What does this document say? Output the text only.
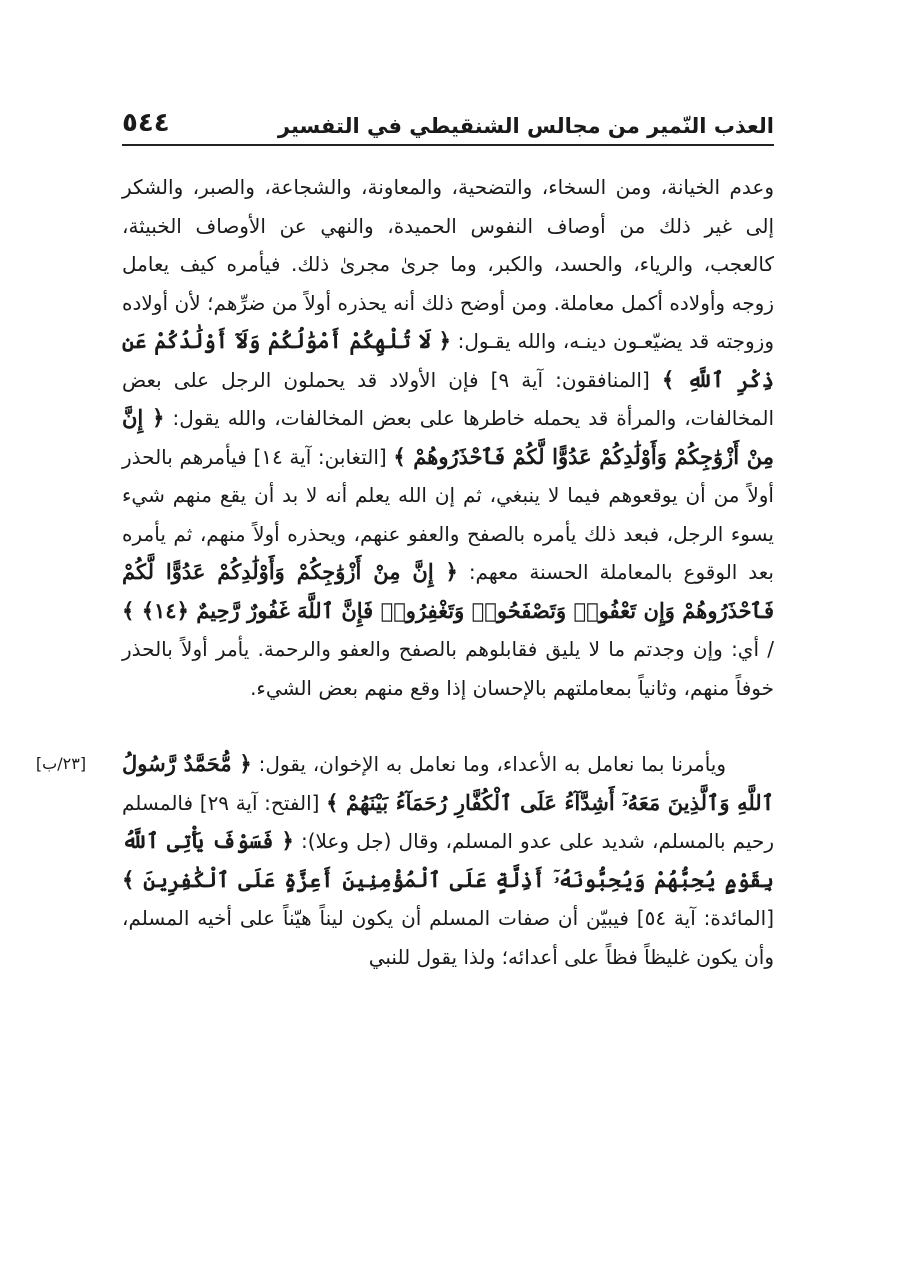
٥٤٤	العذب النّمير من مجالس الشنقيطي في التفسير
[٢٣/ب]

وعدم الخيانة، ومن السخاء، والتضحية، والمعاونة، والشجاعة، والصبر، والشكر إلى غير ذلك من أوصاف النفوس الحميدة، والنهي عن الأوصاف الخبيثة، كالعجب، والرياء، والحسد، والكبر، وما جرىٰ مجرىٰ ذلك. فيأمره كيف يعامل زوجه وأولاده أكمل معاملة. ومن أوضح ذلك أنه يحذره أولاً من ضرِّهم؛ لأن أولاده وزوجته قد يضيّعـون دينـه، والله يقـول: ﴿ لَا تُلْهِكُمْ أَمْوَٰلُكُمْ وَلَآ أَوْلَٰدُكُمْ عَن ذِكْرِ ٱللَّهِ ﴾ [المنافقون: آية ٩] فإن الأولاد قد يحملون الرجل على بعض المخالفات، والمرأة قد يحمله خاطرها على بعض المخالفات، والله يقول: ﴿ إِنَّ مِنْ أَزْوَٰجِكُمْ وَأَوْلَٰدِكُمْ عَدُوًّا لَّكُمْ فَٱحْذَرُوهُمْ ﴾ [التغابن: آية ١٤] فيأمرهم بالحذر أولاً من أن يوقعوهم فيما لا ينبغي، ثم إن الله يعلم أنه لا بد أن يقع منهم شيء يسوء الرجل، فبعد ذلك يأمره بالصفح والعفو عنهم، ويحذره أولاً منهم، ثم يأمره بعد الوقوع بالمعاملة الحسنة معهم: ﴿ إِنَّ مِنْ أَزْوَٰجِكُمْ وَأَوْلَٰدِكُمْ عَدُوًّا لَّكُمْ فَٱحْذَرُوهُمْ وَإِن تَعْفُوا۟ وَتَصْفَحُوا۟ وَتَغْفِرُوا۟ فَإِنَّ ٱللَّهَ غَفُورٌ رَّحِيمٌ ﴿١٤﴾ ﴾ / أي: وإن وجدتم ما لا يليق فقابلوهم بالصفح والعفو والرحمة. يأمر أولاً بالحذر خوفاً منهم، وثانياً بمعاملتهم بالإحسان إذا وقع منهم بعض الشيء.

ويأمرنا بما نعامل به الأعداء، وما نعامل به الإخوان، يقول: ﴿ مُّحَمَّدٌ رَّسُولُ ٱللَّهِ وَٱلَّذِينَ مَعَهُۥٓ أَشِدَّآءُ عَلَى ٱلْكُفَّارِ رُحَمَآءُ بَيْنَهُمْ ﴾ [الفتح: آية ٢٩] فالمسلم رحيم بالمسلم، شديد على عدو المسلم، وقال (جل وعلا): ﴿ فَسَوْفَ يَأْتِى ٱللَّهُ بِقَوْمٍ يُحِبُّهُمْ وَيُحِبُّونَهُۥٓ أَذِلَّةٍ عَلَى ٱلْمُؤْمِنِينَ أَعِزَّةٍ عَلَى ٱلْكَٰفِرِينَ ﴾ [المائدة: آية ٥٤] فيبيّن أن صفات المسلم أن يكون ليناً هيّناً على أخيه المسلم، وأن يكون غليظاً فظاً على أعدائه؛ ولذا يقول للنبي
